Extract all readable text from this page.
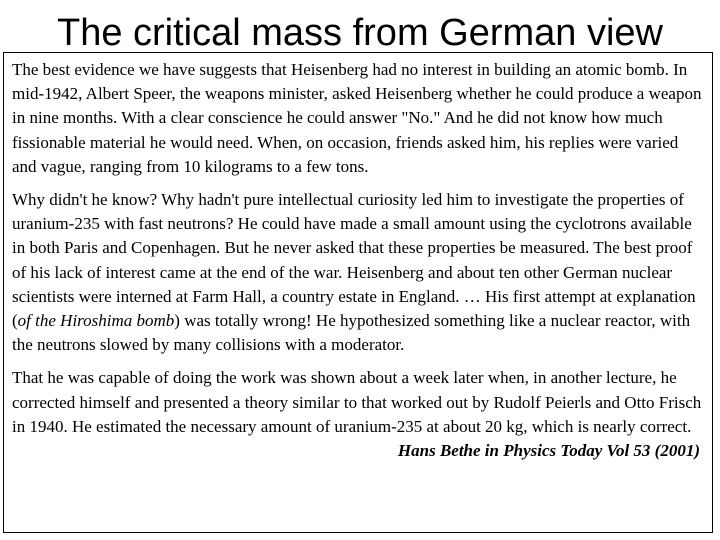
The critical mass from German view

The best evidence we have suggests that Heisenberg had no interest in building an atomic bomb. In mid-1942, Albert Speer, the weapons minister, asked Heisenberg whether he could produce a weapon in nine months. With a clear conscience he could answer "No." And he did not know how much fissionable material he would need. When, on occasion, friends asked him, his replies were varied and vague, ranging from 10 kilograms to a few tons.

Why didn't he know? Why hadn't pure intellectual curiosity led him to investigate the properties of uranium-235 with fast neutrons? He could have made a small amount using the cyclotrons available in both Paris and Copenhagen. But he never asked that these properties be measured. The best proof of his lack of interest came at the end of the war. Heisenberg and about ten other German nuclear scientists were interned at Farm Hall, a country estate in England. … His first attempt at explanation (of the Hiroshima bomb) was totally wrong! He hypothesized something like a nuclear reactor, with the neutrons slowed by many collisions with a moderator.

That he was capable of doing the work was shown about a week later when, in another lecture, he corrected himself and presented a theory similar to that worked out by Rudolf Peierls and Otto Frisch in 1940. He estimated the necessary amount of uranium-235 at about 20 kg, which is nearly correct.

Hans Bethe in Physics Today Vol 53 (2001)
